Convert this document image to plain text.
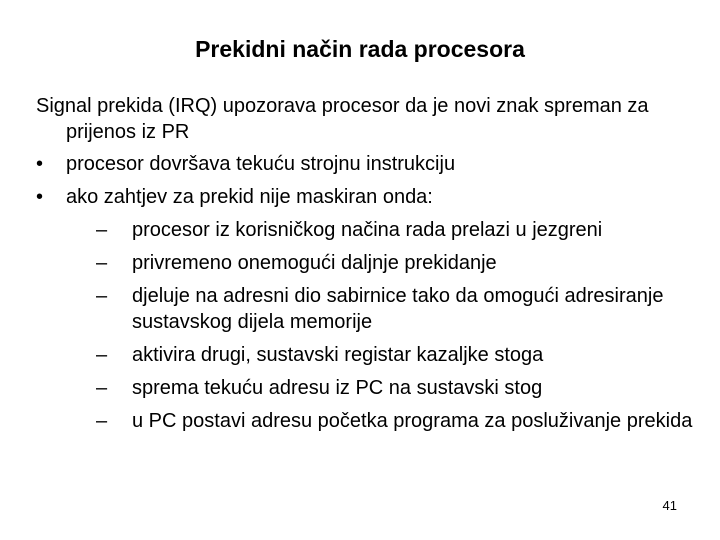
Prekidni način rada procesora

Signal prekida (IRQ) upozorava procesor da je novi znak spreman za prijenos iz PR

• procesor dovršava tekuću strojnu instrukciju
• ako zahtjev za prekid nije maskiran onda:
– procesor iz korisničkog načina rada prelazi u jezgreni
– privremeno onemogući daljnje prekidanje
– djeluje na adresni dio sabirnice tako da omogući adresiranje sustavskog dijela memorije
– aktivira drugi, sustavski registar kazaljke stoga
– sprema tekuću adresu iz PC na sustavski stog
– u PC postavi adresu početka programa za posluživanje prekida
41
